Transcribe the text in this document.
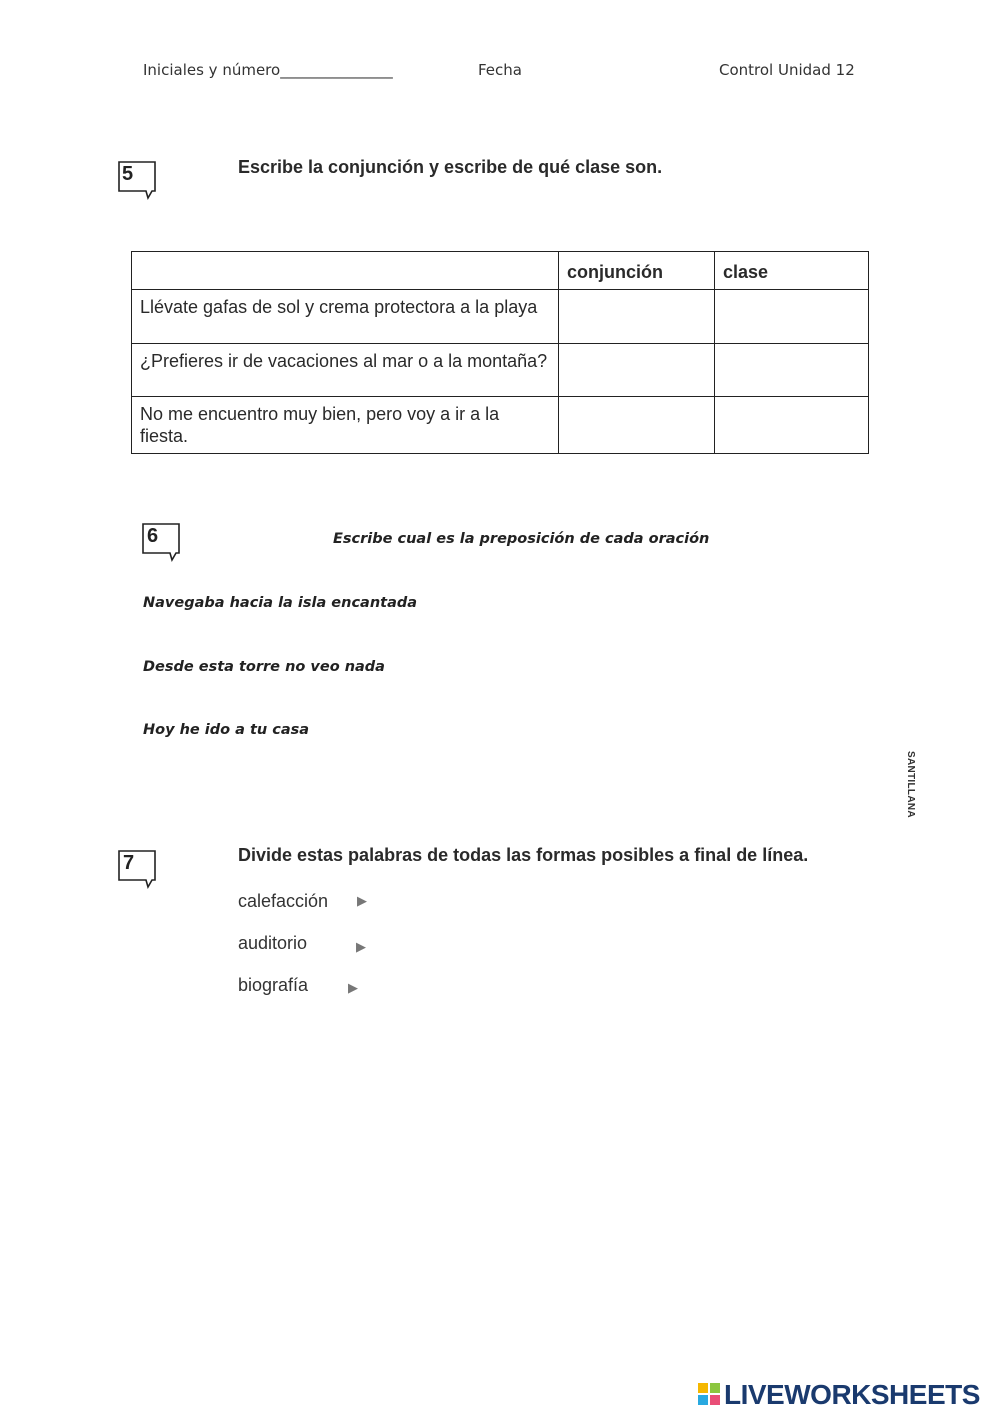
Iniciales y número_______________	Fecha	Control Unidad 12
5	Escribe la conjunción y escribe de qué clase son.
	conjunción	clase
Llévate gafas de sol y crema protectora a la playa		
¿Prefieres ir de vacaciones al mar o a la montaña?		
No me encuentro muy bien, pero voy a ir a la fiesta.		
6	Escribe cual es la preposición de cada oración
Navegaba hacia la isla encantada
Desde esta torre no veo nada
Hoy he ido a tu casa
SANTILLANA
7	Divide estas palabras de todas las formas posibles a final de línea.
calefacción ▶
auditorio	▶
biografía	▶
LIVEWORKSHEETS
